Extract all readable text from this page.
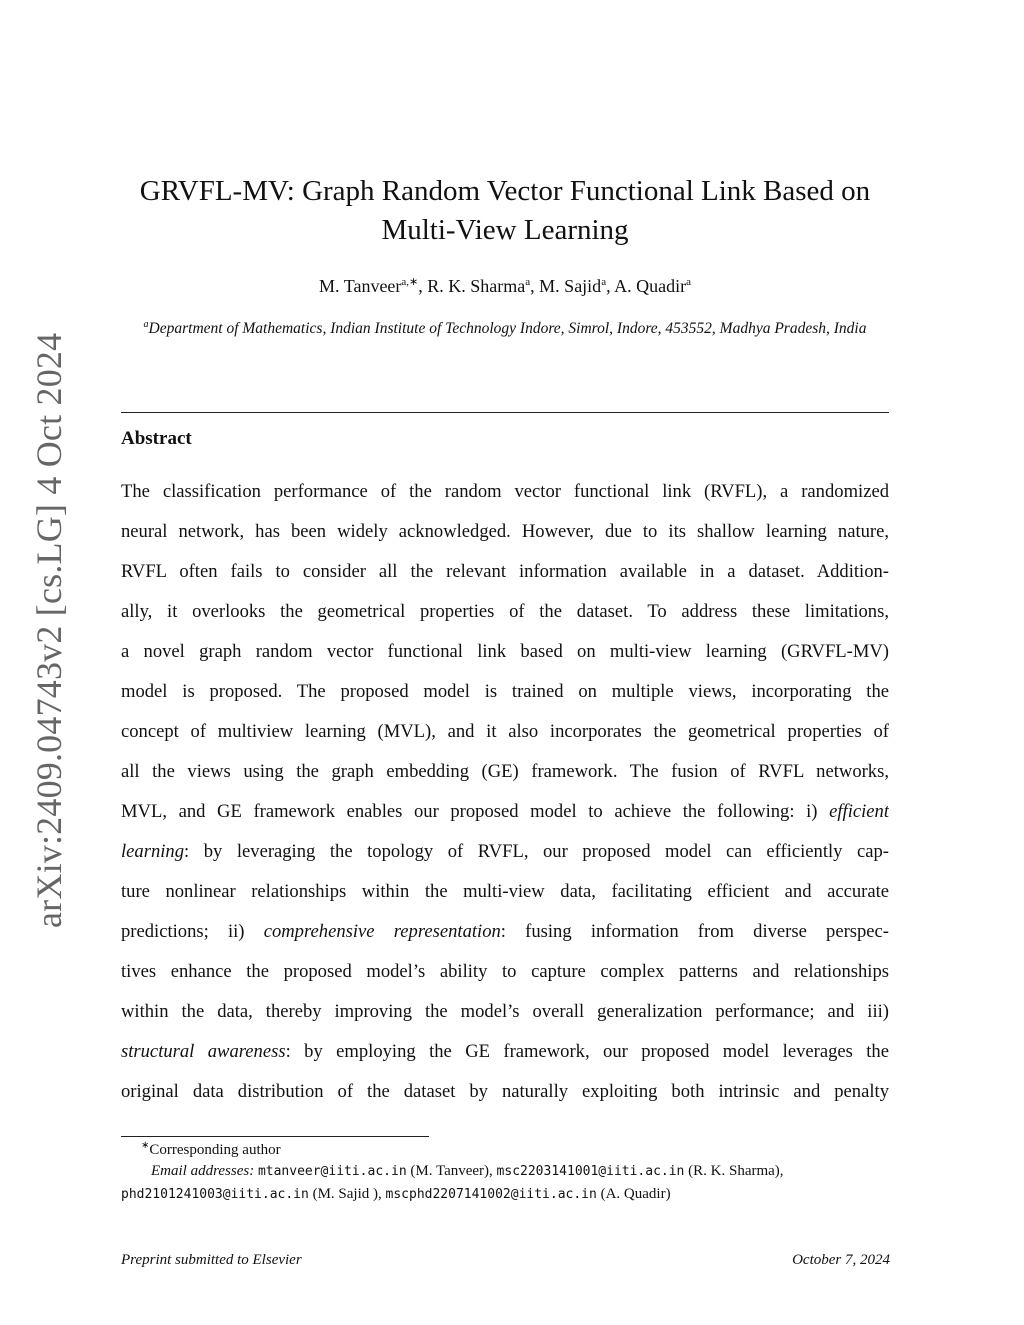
arXiv:2409.04743v2 [cs.LG] 4 Oct 2024
GRVFL-MV: Graph Random Vector Functional Link Based on
Multi-View Learning
M. Tanveer$^{a,∗}$, R. K. Sharma$^a$, M. Sajid$^a$, A. Quadir$^a$
$^a$Department of Mathematics, Indian Institute of Technology Indore, Simrol, Indore, 453552, Madhya Pradesh, India
Abstract
The classification performance of the random vector functional link (RVFL), a randomized
neural network, has been widely acknowledged. However, due to its shallow learning nature,
RVFL often fails to consider all the relevant information available in a dataset. Addition-
ally, it overlooks the geometrical properties of the dataset. To address these limitations,
a novel graph random vector functional link based on multi-view learning (GRVFL-MV)
model is proposed. The proposed model is trained on multiple views, incorporating the
concept of multiview learning (MVL), and it also incorporates the geometrical properties of
all the views using the graph embedding (GE) framework. The fusion of RVFL networks,
MVL, and GE framework enables our proposed model to achieve the following: i) efficient
learning: by leveraging the topology of RVFL, our proposed model can efficiently cap-
ture nonlinear relationships within the multi-view data, facilitating efficient and accurate
predictions; ii) comprehensive representation: fusing information from diverse perspec-
tives enhance the proposed model’s ability to capture complex patterns and relationships
within the data, thereby improving the model’s overall generalization performance; and iii)
structural awareness: by employing the GE framework, our proposed model leverages the
original data distribution of the dataset by naturally exploiting both intrinsic and penalty
∗Corresponding author
Email addresses: mtanveer@iiti.ac.in (M. Tanveer), msc2203141001@iiti.ac.in (R. K. Sharma), phd2101241003@iiti.ac.in (M. Sajid ), mscphd2207141002@iiti.ac.in (A. Quadir)
Preprint submitted to Elsevier	October 7, 2024
